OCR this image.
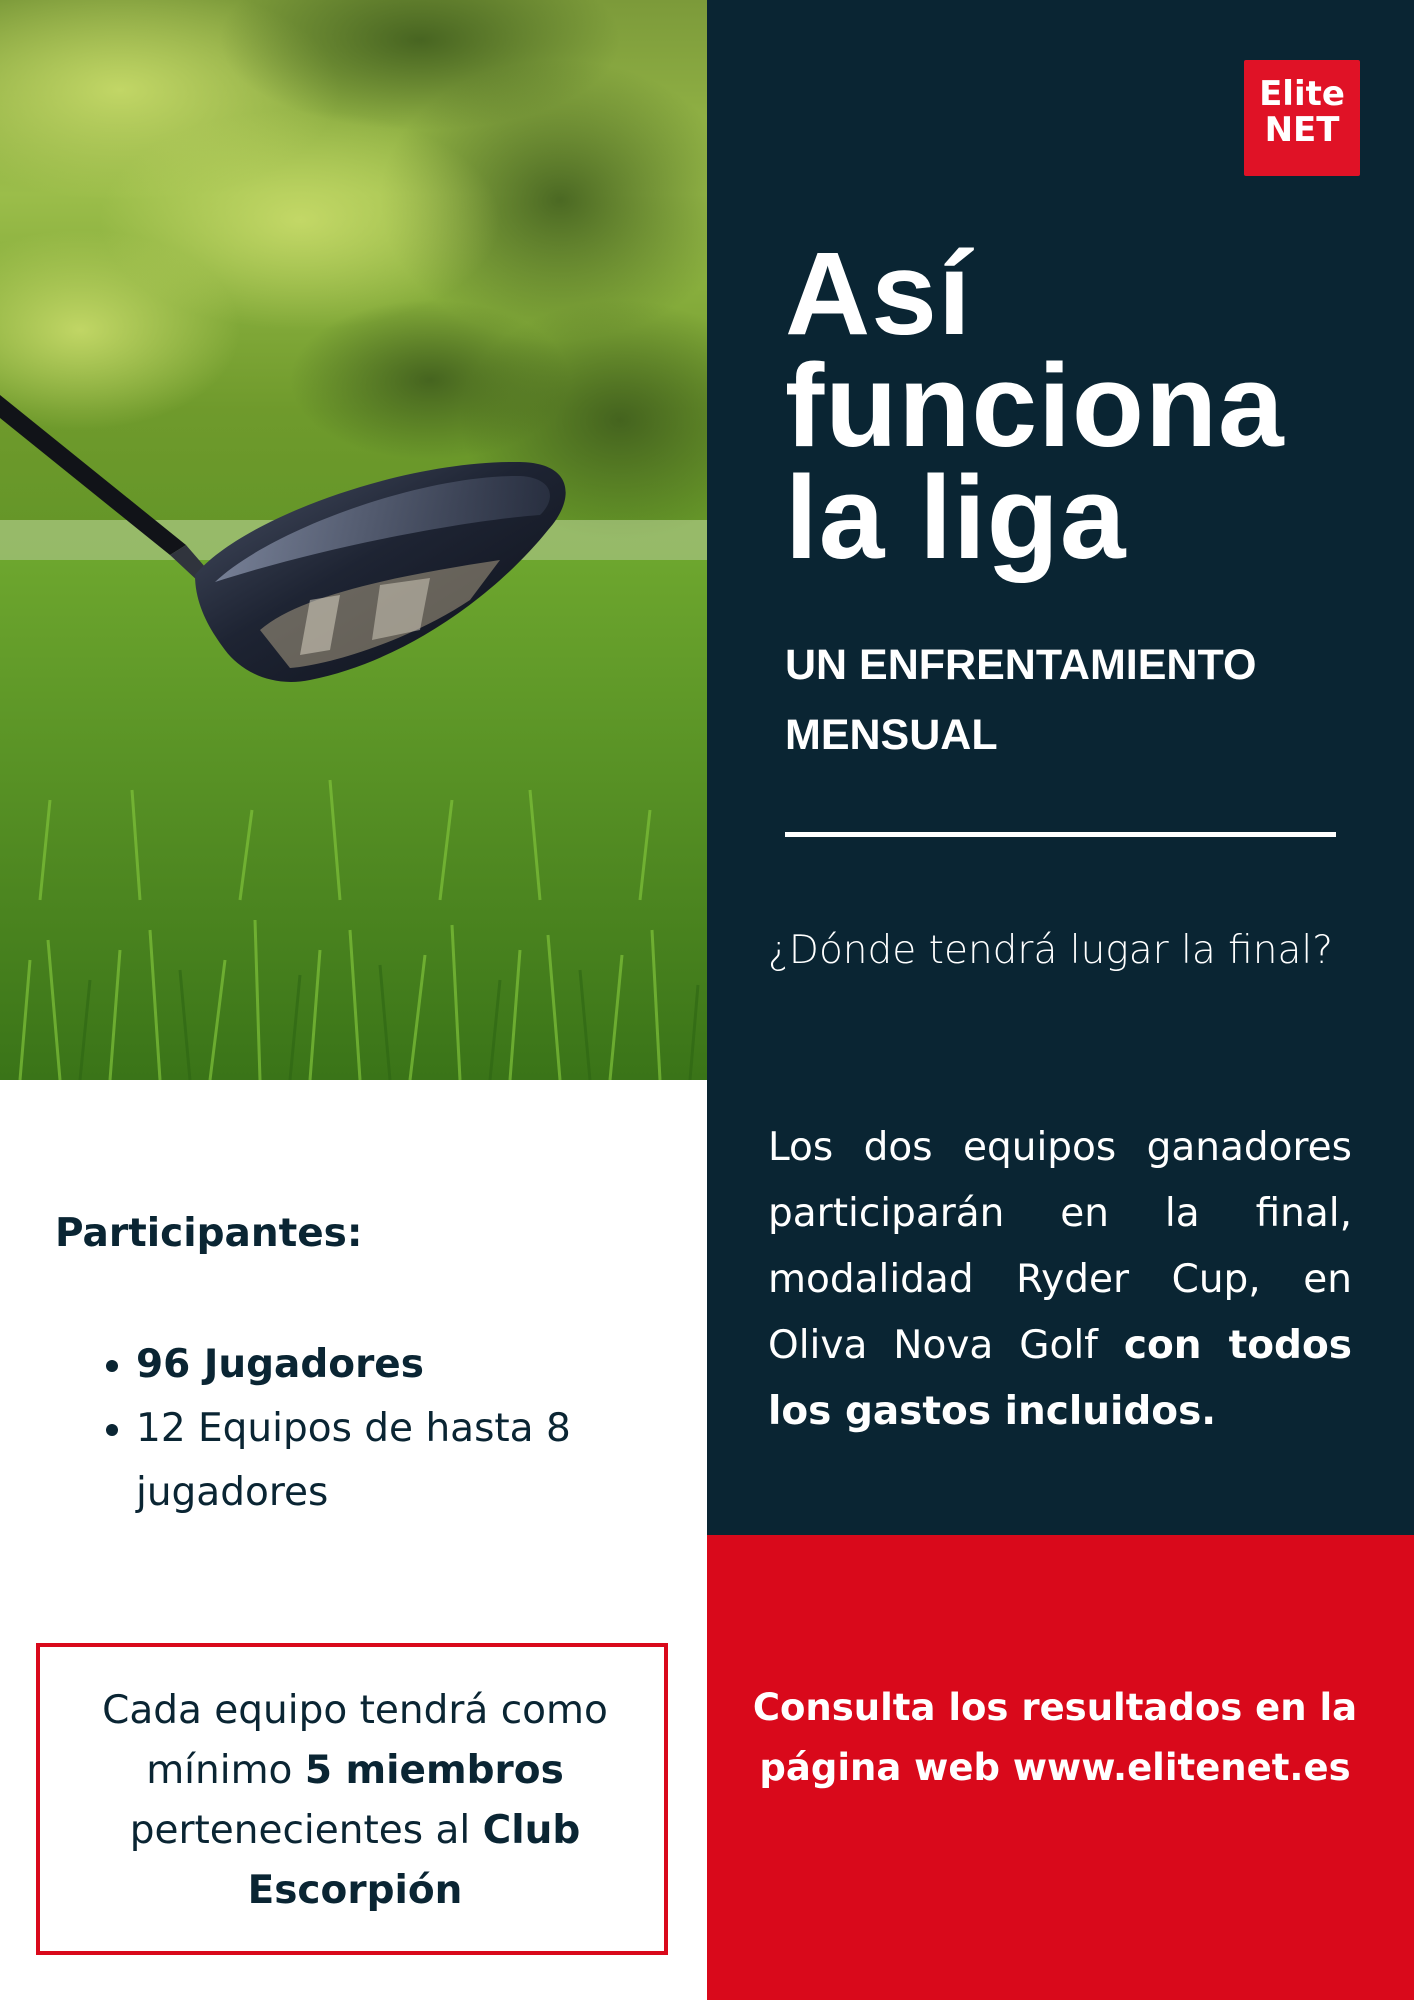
Elite
NET
Así funciona la liga
UN ENFRENTAMIENTO MENSUAL

¿Dónde tendrá lugar la final?

Los dos equipos ganadores participarán en la final, modalidad Ryder Cup, en Oliva Nova Golf con todos los gastos incluidos.

Consulta los resultados en la página web www.elitenet.es

Participantes:
• 96 Jugadores
• 12 Equipos de hasta 8 jugadores

Cada equipo tendrá como mínimo 5 miembros pertenecientes al Club Escorpión
